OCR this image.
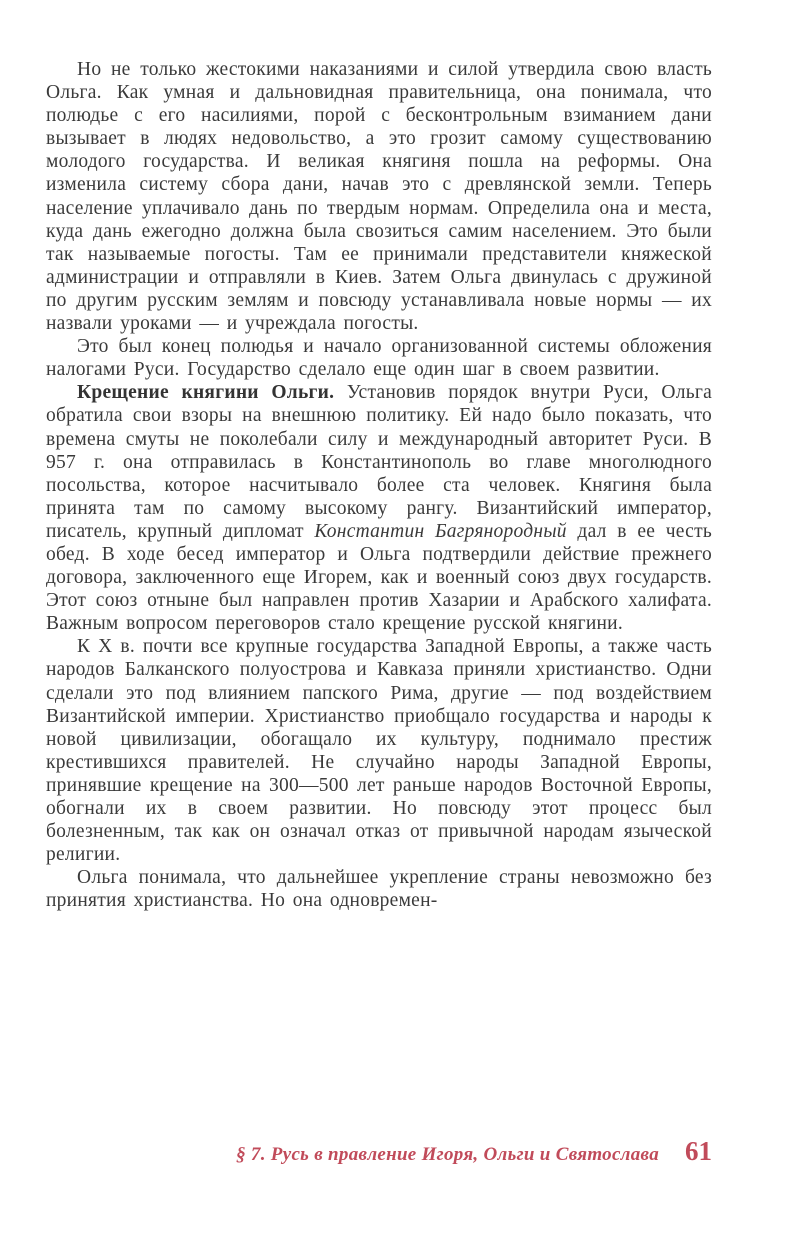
Но не только жестокими наказаниями и силой утвердила свою власть Ольга. Как умная и дальновидная правительница, она понимала, что полюдье с его насилиями, порой с бесконтрольным взиманием дани вызывает в людях недовольство, а это грозит самому существованию молодого государства. И великая княгиня пошла на реформы. Она изменила систему сбора дани, начав это с древлянской земли. Теперь население уплачивало дань по твердым нормам. Определила она и места, куда дань ежегодно должна была свозиться самим населением. Это были так называемые погосты. Там ее принимали представители княжеской администрации и отправляли в Киев. Затем Ольга двинулась с дружиной по другим русским землям и повсюду устанавливала новые нормы — их назвали уроками — и учреждала погосты.

Это был конец полюдья и начало организованной системы обложения налогами Руси. Государство сделало еще один шаг в своем развитии.

Крещение княгини Ольги. Установив порядок внутри Руси, Ольга обратила свои взоры на внешнюю политику. Ей надо было показать, что времена смуты не поколебали силу и международный авторитет Руси. В 957 г. она отправилась в Константинополь во главе многолюдного посольства, которое насчитывало более ста человек. Княгиня была принята там по самому высокому рангу. Византийский император, писатель, крупный дипломат Константин Багрянородный дал в ее честь обед. В ходе бесед император и Ольга подтвердили действие прежнего договора, заключенного еще Игорем, как и военный союз двух государств. Этот союз отныне был направлен против Хазарии и Арабского халифата. Важным вопросом переговоров стало крещение русской княгини.

К X в. почти все крупные государства Западной Европы, а также часть народов Балканского полуострова и Кавказа приняли христианство. Одни сделали это под влиянием папского Рима, другие — под воздействием Византийской империи. Христианство приобщало государства и народы к новой цивилизации, обогащало их культуру, поднимало престиж крестившихся правителей. Не случайно народы Западной Европы, принявшие крещение на 300—500 лет раньше народов Восточной Европы, обогнали их в своем развитии. Но повсюду этот процесс был болезненным, так как он означал отказ от привычной народам языческой религии.

Ольга понимала, что дальнейшее укрепление страны невозможно без принятия христианства. Но она одновремен-

§ 7. Русь в правление Игоря, Ольги и Святослава 61
